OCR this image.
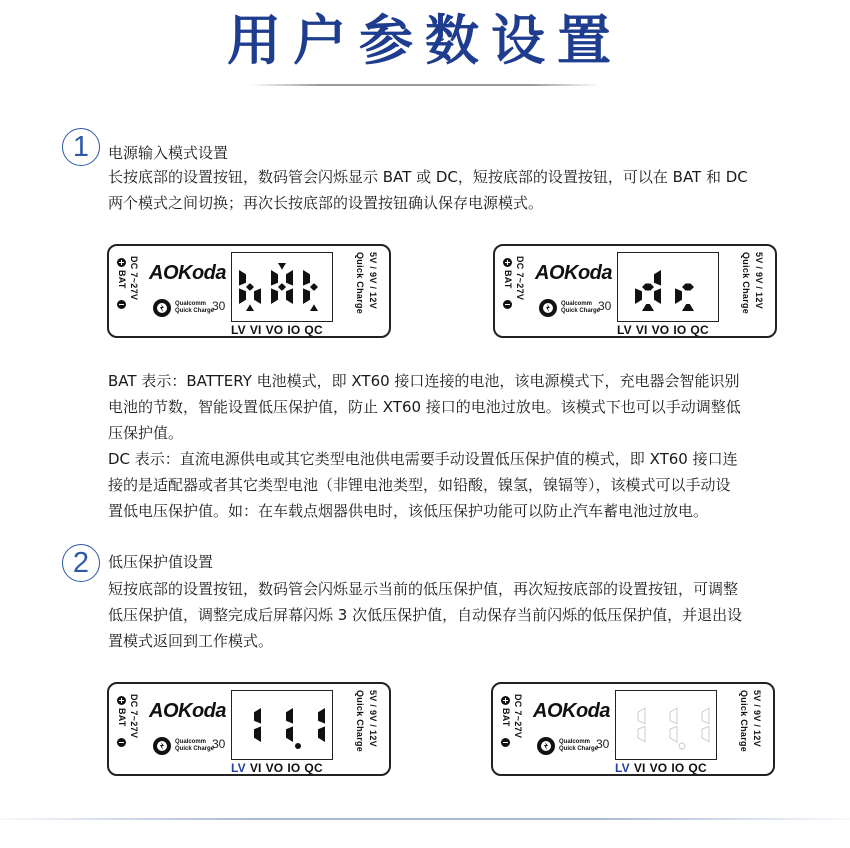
用户参数设置
1	电源输入模式设置
长按底部的设置按钮，数码管会闪烁显示 BAT 或 DC，短按底部的设置按钮，可以在 BAT 和 DC
两个模式之间切换；再次长按底部的设置按钮确认保存电源模式。
DC 7~27V
BAT AOKoda
Qualcomm
Quick Charge
30
LV VI VO IO QC
Quick Charge 5V / 9V / 12V	DC 7~27V
BAT AOKoda
Qualcomm
Quick Charge
30
LV VI VO IO QC
Quick Charge 5V / 9V / 12V
BAT 表示：BATTERY 电池模式，即 XT60 接口连接的电池，该电源模式下，充电器会智能识别
电池的节数，智能设置低压保护值，防止 XT60 接口的电池过放电。该模式下也可以手动调整低
压保护值。
DC 表示：直流电源供电或其它类型电池供电需要手动设置低压保护值的模式，即 XT60 接口连
接的是适配器或者其它类型电池（非锂电池类型，如铅酸，镍氢，镍镉等），该模式可以手动设
置低电压保护值。如：在车载点烟器供电时，该低压保护功能可以防止汽车蓄电池过放电。
2	低压保护值设置
短按底部的设置按钮，数码管会闪烁显示当前的低压保护值，再次短按底部的设置按钮，可调整
低压保护值，调整完成后屏幕闪烁 3 次低压保护值，自动保存当前闪烁的低压保护值，并退出设
置模式返回到工作模式。
DC 7~27V
BAT AOKoda
Qualcomm
Quick Charge
30
LV VI VO IO QC
Quick Charge 5V / 9V / 12V	DC 7~27V
BAT AOKoda
Qualcomm
Quick Charge
30
LV VI VO IO QC
Quick Charge 5V / 9V / 12V
